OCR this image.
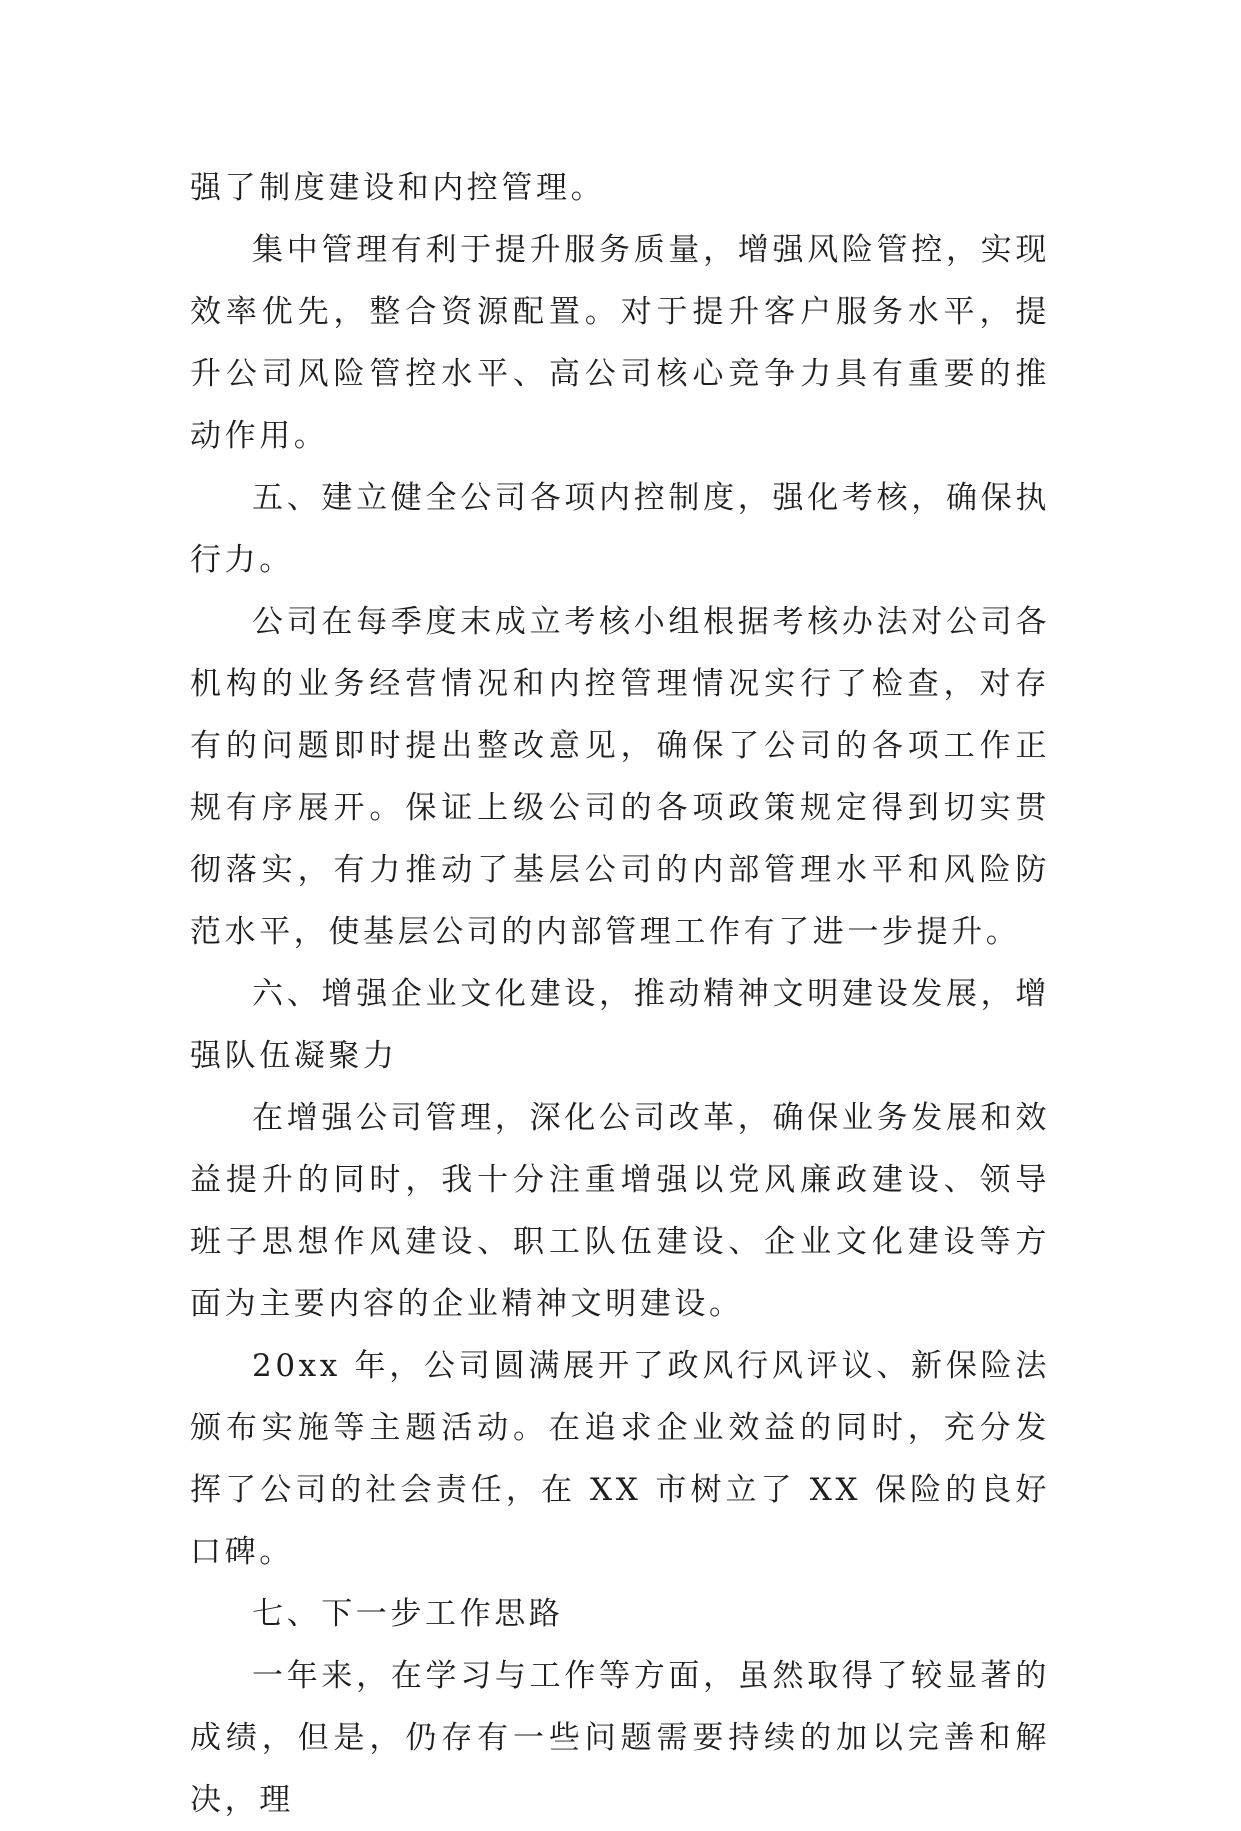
强了制度建设和内控管理。

集中管理有利于提升服务质量，增强风险管控，实现效率优先，整合资源配置。对于提升客户服务水平，提升公司风险管控水平、高公司核心竞争力具有重要的推动作用。

五、建立健全公司各项内控制度，强化考核，确保执行力。

公司在每季度末成立考核小组根据考核办法对公司各机构的业务经营情况和内控管理情况实行了检查，对存有的问题即时提出整改意见，确保了公司的各项工作正规有序展开。保证上级公司的各项政策规定得到切实贯彻落实，有力推动了基层公司的内部管理水平和风险防范水平，使基层公司的内部管理工作有了进一步提升。

六、增强企业文化建设，推动精神文明建设发展，增强队伍凝聚力

在增强公司管理，深化公司改革，确保业务发展和效益提升的同时，我十分注重增强以党风廉政建设、领导班子思想作风建设、职工队伍建设、企业文化建设等方面为主要内容的企业精神文明建设。

20xx 年，公司圆满展开了政风行风评议、新保险法颁布实施等主题活动。在追求企业效益的同时，充分发挥了公司的社会责任，在 XX 市树立了 XX 保险的良好口碑。

七、下一步工作思路

一年来，在学习与工作等方面，虽然取得了较显著的成绩，但是，仍存有一些问题需要持续的加以完善和解决，理
